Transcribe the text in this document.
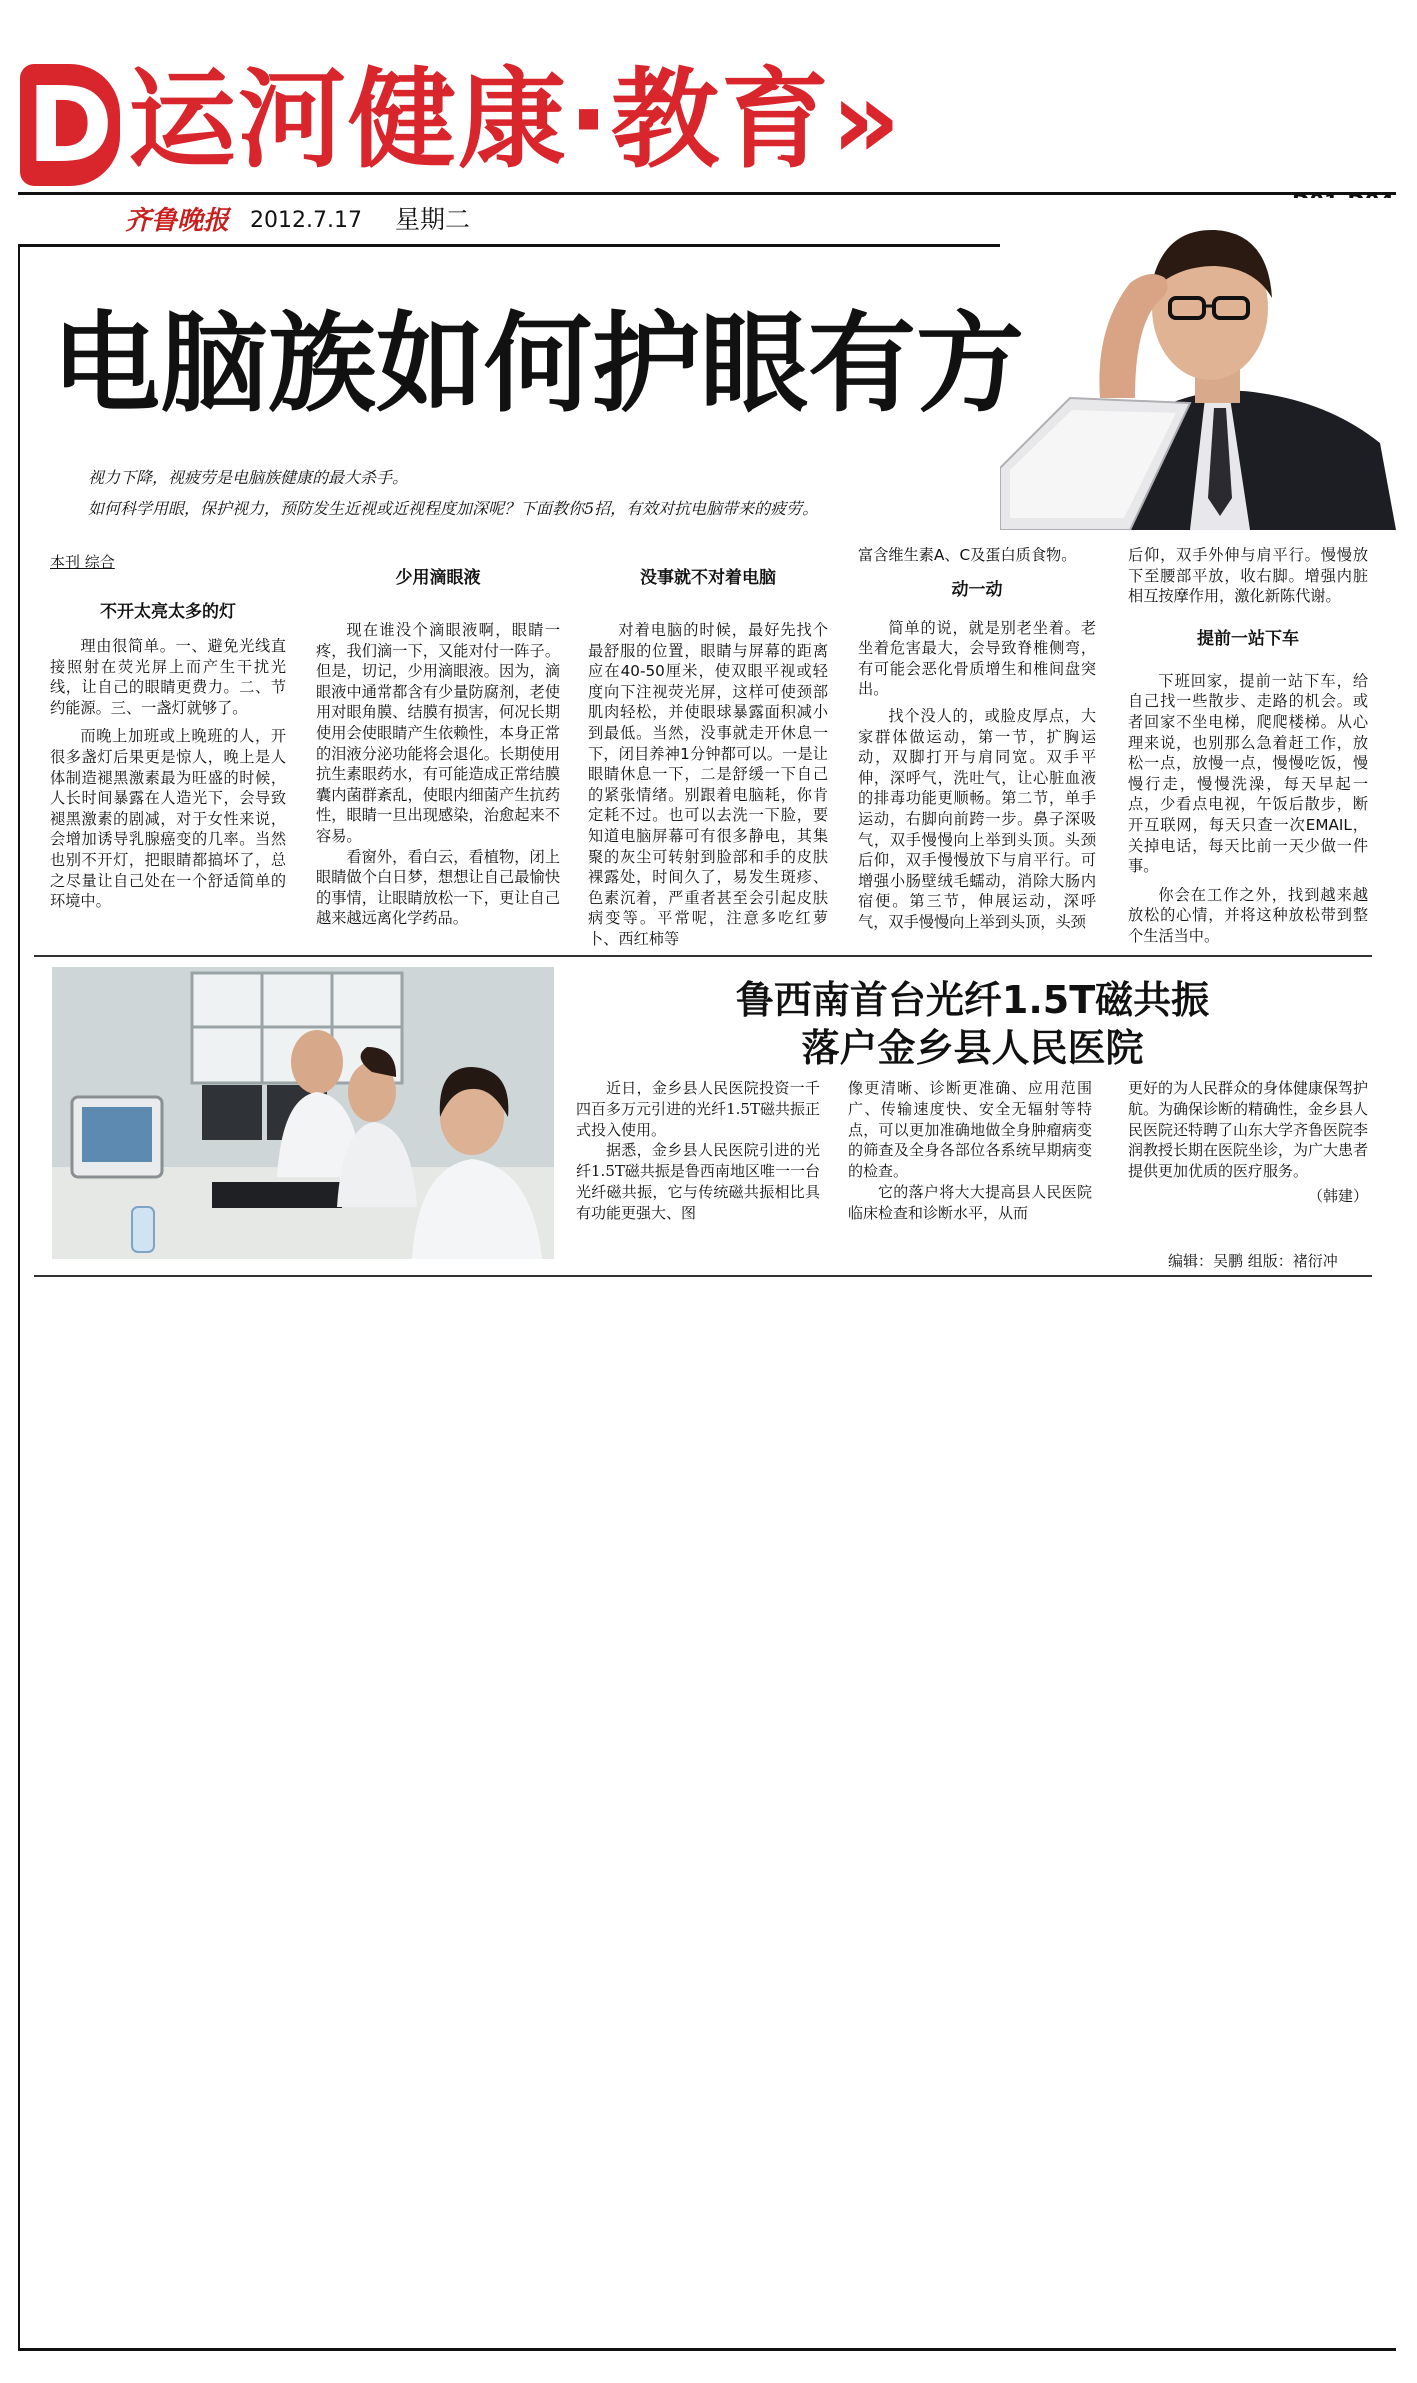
D 运河健康·教育»
齐鲁晚报 2012.7.17 星期二
电脑族如何护眼有方
视力下降，视疲劳是电脑族健康的最大杀手。
如何科学用眼，保护视力，预防发生近视或近视程度加深呢？下面教你5招，有效对抗电脑带来的疲劳。
本刊 综合
不开太亮太多的灯

理由很简单。一、避免光线直接照射在荧光屏上而产生干扰光线，让自己的眼睛更费力。二、节约能源。三、一盏灯就够了。

而晚上加班或上晚班的人，开很多盏灯后果更是惊人，晚上是人体制造褪黑激素最为旺盛的时候，人长时间暴露在人造光下，会导致褪黑激素的剧减，对于女性来说，会增加诱导乳腺癌变的几率。当然也别不开灯，把眼睛都搞坏了，总之尽量让自己处在一个舒适简单的环境中。

少用滴眼液

现在谁没个滴眼液啊，眼睛一疼，我们滴一下，又能对付一阵子。但是，切记，少用滴眼液。因为，滴眼液中通常都含有少量防腐剂，老使用对眼角膜、结膜有损害，何况长期使用会使眼睛产生依赖性，本身正常的泪液分泌功能将会退化。长期使用抗生素眼药水，有可能造成正常结膜囊内菌群紊乱，使眼内细菌产生抗药性，眼睛一旦出现感染，治愈起来不容易。

看窗外，看白云，看植物，闭上眼睛做个白日梦，想想让自己最愉快的事情，让眼睛放松一下，更让自己越来越远离化学药品。

没事就不对着电脑

对着电脑的时候，最好先找个最舒服的位置，眼睛与屏幕的距离应在40-50厘米，使双眼平视或轻度向下注视荧光屏，这样可使颈部肌肉轻松，并使眼球暴露面积减小到最低。当然，没事就走开休息一下，闭目养神1分钟都可以。一是让眼睛休息一下，二是舒缓一下自己的紧张情绪。别跟着电脑耗，你肯定耗不过。也可以去洗一下脸，要知道电脑屏幕可有很多静电，其集聚的灰尘可转射到脸部和手的皮肤裸露处，时间久了，易发生斑疹、色素沉着，严重者甚至会引起皮肤病变等。平常呢，注意多吃红萝卜、西红柿等

富含维生素A、C及蛋白质食物。

动一动

简单的说，就是别老坐着。老坐着危害最大，会导致脊椎侧弯，有可能会恶化骨质增生和椎间盘突出。

找个没人的，或脸皮厚点，大家群体做运动，第一节，扩胸运动，双脚打开与肩同宽。双手平伸，深呼气，洗吐气，让心脏血液的排毒功能更顺畅。第二节，单手运动，右脚向前跨一步。鼻子深吸气，双手慢慢向上举到头顶。头颈后仰，双手慢慢放下与肩平行。可增强小肠壁绒毛蠕动，消除大肠内宿便。第三节，伸展运动，深呼气，双手慢慢向上举到头顶，头颈

后仰，双手外伸与肩平行。慢慢放下至腰部平放，收右脚。增强内脏相互按摩作用，激化新陈代谢。

提前一站下车

下班回家，提前一站下车，给自己找一些散步、走路的机会。或者回家不坐电梯，爬爬楼梯。从心理来说，也别那么急着赶工作，放松一点，放慢一点，慢慢吃饭，慢慢行走，慢慢洗澡，每天早起一点，少看点电视，午饭后散步，断开互联网，每天只查一次EMAIL，关掉电话，每天比前一天少做一件事。

你会在工作之外，找到越来越放松的心情，并将这种放松带到整个生活当中。

鲁西南首台光纤1.5T磁共振
落户金乡县人民医院

近日，金乡县人民医院投资一千四百多万元引进的光纤1.5T磁共振正式投入使用。

据悉，金乡县人民医院引进的光纤1.5T磁共振是鲁西南地区唯一一台光纤磁共振，它与传统磁共振相比具有功能更强大、图

像更清晰、诊断更准确、应用范围广、传输速度快、安全无辐射等特点，可以更加准确地做全身肿瘤病变的筛查及全身各部位各系统早期病变的检查。

它的落户将大大提高县人民医院临床检查和诊断水平，从而

更好的为人民群众的身体健康保驾护航。为确保诊断的精确性，金乡县人民医院还特聘了山东大学齐鲁医院李润教授长期在医院坐诊，为广大患者提供更加优质的医疗服务。

（韩建）

编辑：吴鹏 组版：褚衍冲
